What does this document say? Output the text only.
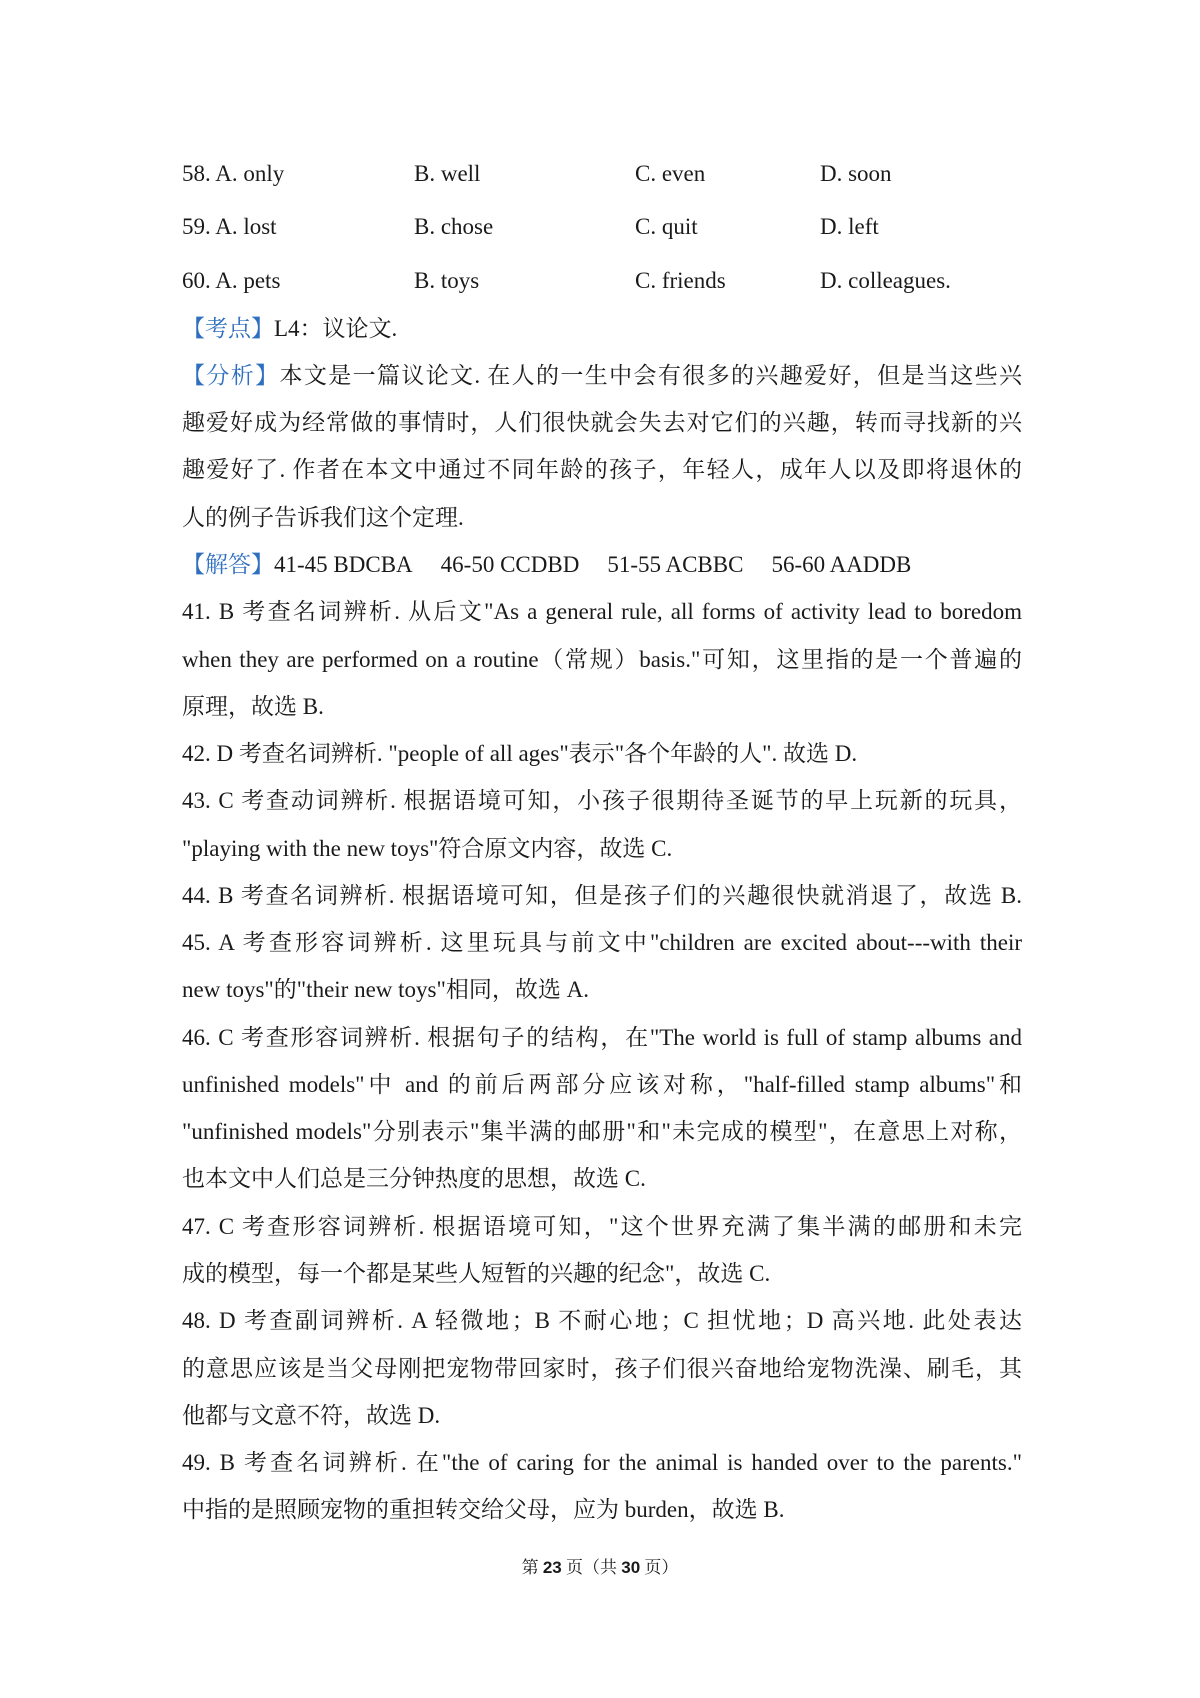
58. A. only	B. well	C. even	D. soon
59. A. lost	B. chose	C. quit	D. left
60. A. pets	B. toys	C. friends	D. colleagues.
【考点】L4：议论文.
【分析】本文是一篇议论文. 在人的一生中会有很多的兴趣爱好，但是当这些兴
趣爱好成为经常做的事情时，人们很快就会失去对它们的兴趣，转而寻找新的兴
趣爱好了. 作者在本文中通过不同年龄的孩子，年轻人，成年人以及即将退休的
人的例子告诉我们这个定理.
【解答】41-45 BDCBA 46-50 CCDBD 51-55 ACBBC 56-60 AADDB
41. B 考查名词辨析. 从后文"As a general rule, all forms of activity lead to boredom
when they are performed on a routine（常规）basis."可知，这里指的是一个普遍的
原理，故选 B.
42. D 考查名词辨析. "people of all ages"表示"各个年龄的人". 故选 D.
43. C 考查动词辨析. 根据语境可知，小孩子很期待圣诞节的早上玩新的玩具，
"playing with the new toys"符合原文内容，故选 C.
44. B 考查名词辨析. 根据语境可知，但是孩子们的兴趣很快就消退了，故选 B.
45. A 考查形容词辨析. 这里玩具与前文中"children are excited about---with their
new toys"的"their new toys"相同，故选 A.
46. C 考查形容词辨析. 根据句子的结构，在"The world is full of stamp albums and
unfinished models"中 and 的前后两部分应该对称，"half-filled stamp albums"和
"unfinished models"分别表示"集半满的邮册"和"未完成的模型"，在意思上对称，
也本文中人们总是三分钟热度的思想，故选 C.
47. C 考查形容词辨析. 根据语境可知，"这个世界充满了集半满的邮册和未完
成的模型，每一个都是某些人短暂的兴趣的纪念"，故选 C.
48. D 考查副词辨析. A 轻微地；B 不耐心地；C 担忧地；D 高兴地. 此处表达
的意思应该是当父母刚把宠物带回家时，孩子们很兴奋地给宠物洗澡、刷毛，其
他都与文意不符，故选 D.
49. B 考查名词辨析. 在"the of caring for the animal is handed over to the parents."
中指的是照顾宠物的重担转交给父母，应为 burden，故选 B.
第 23 页（共 30 页）
